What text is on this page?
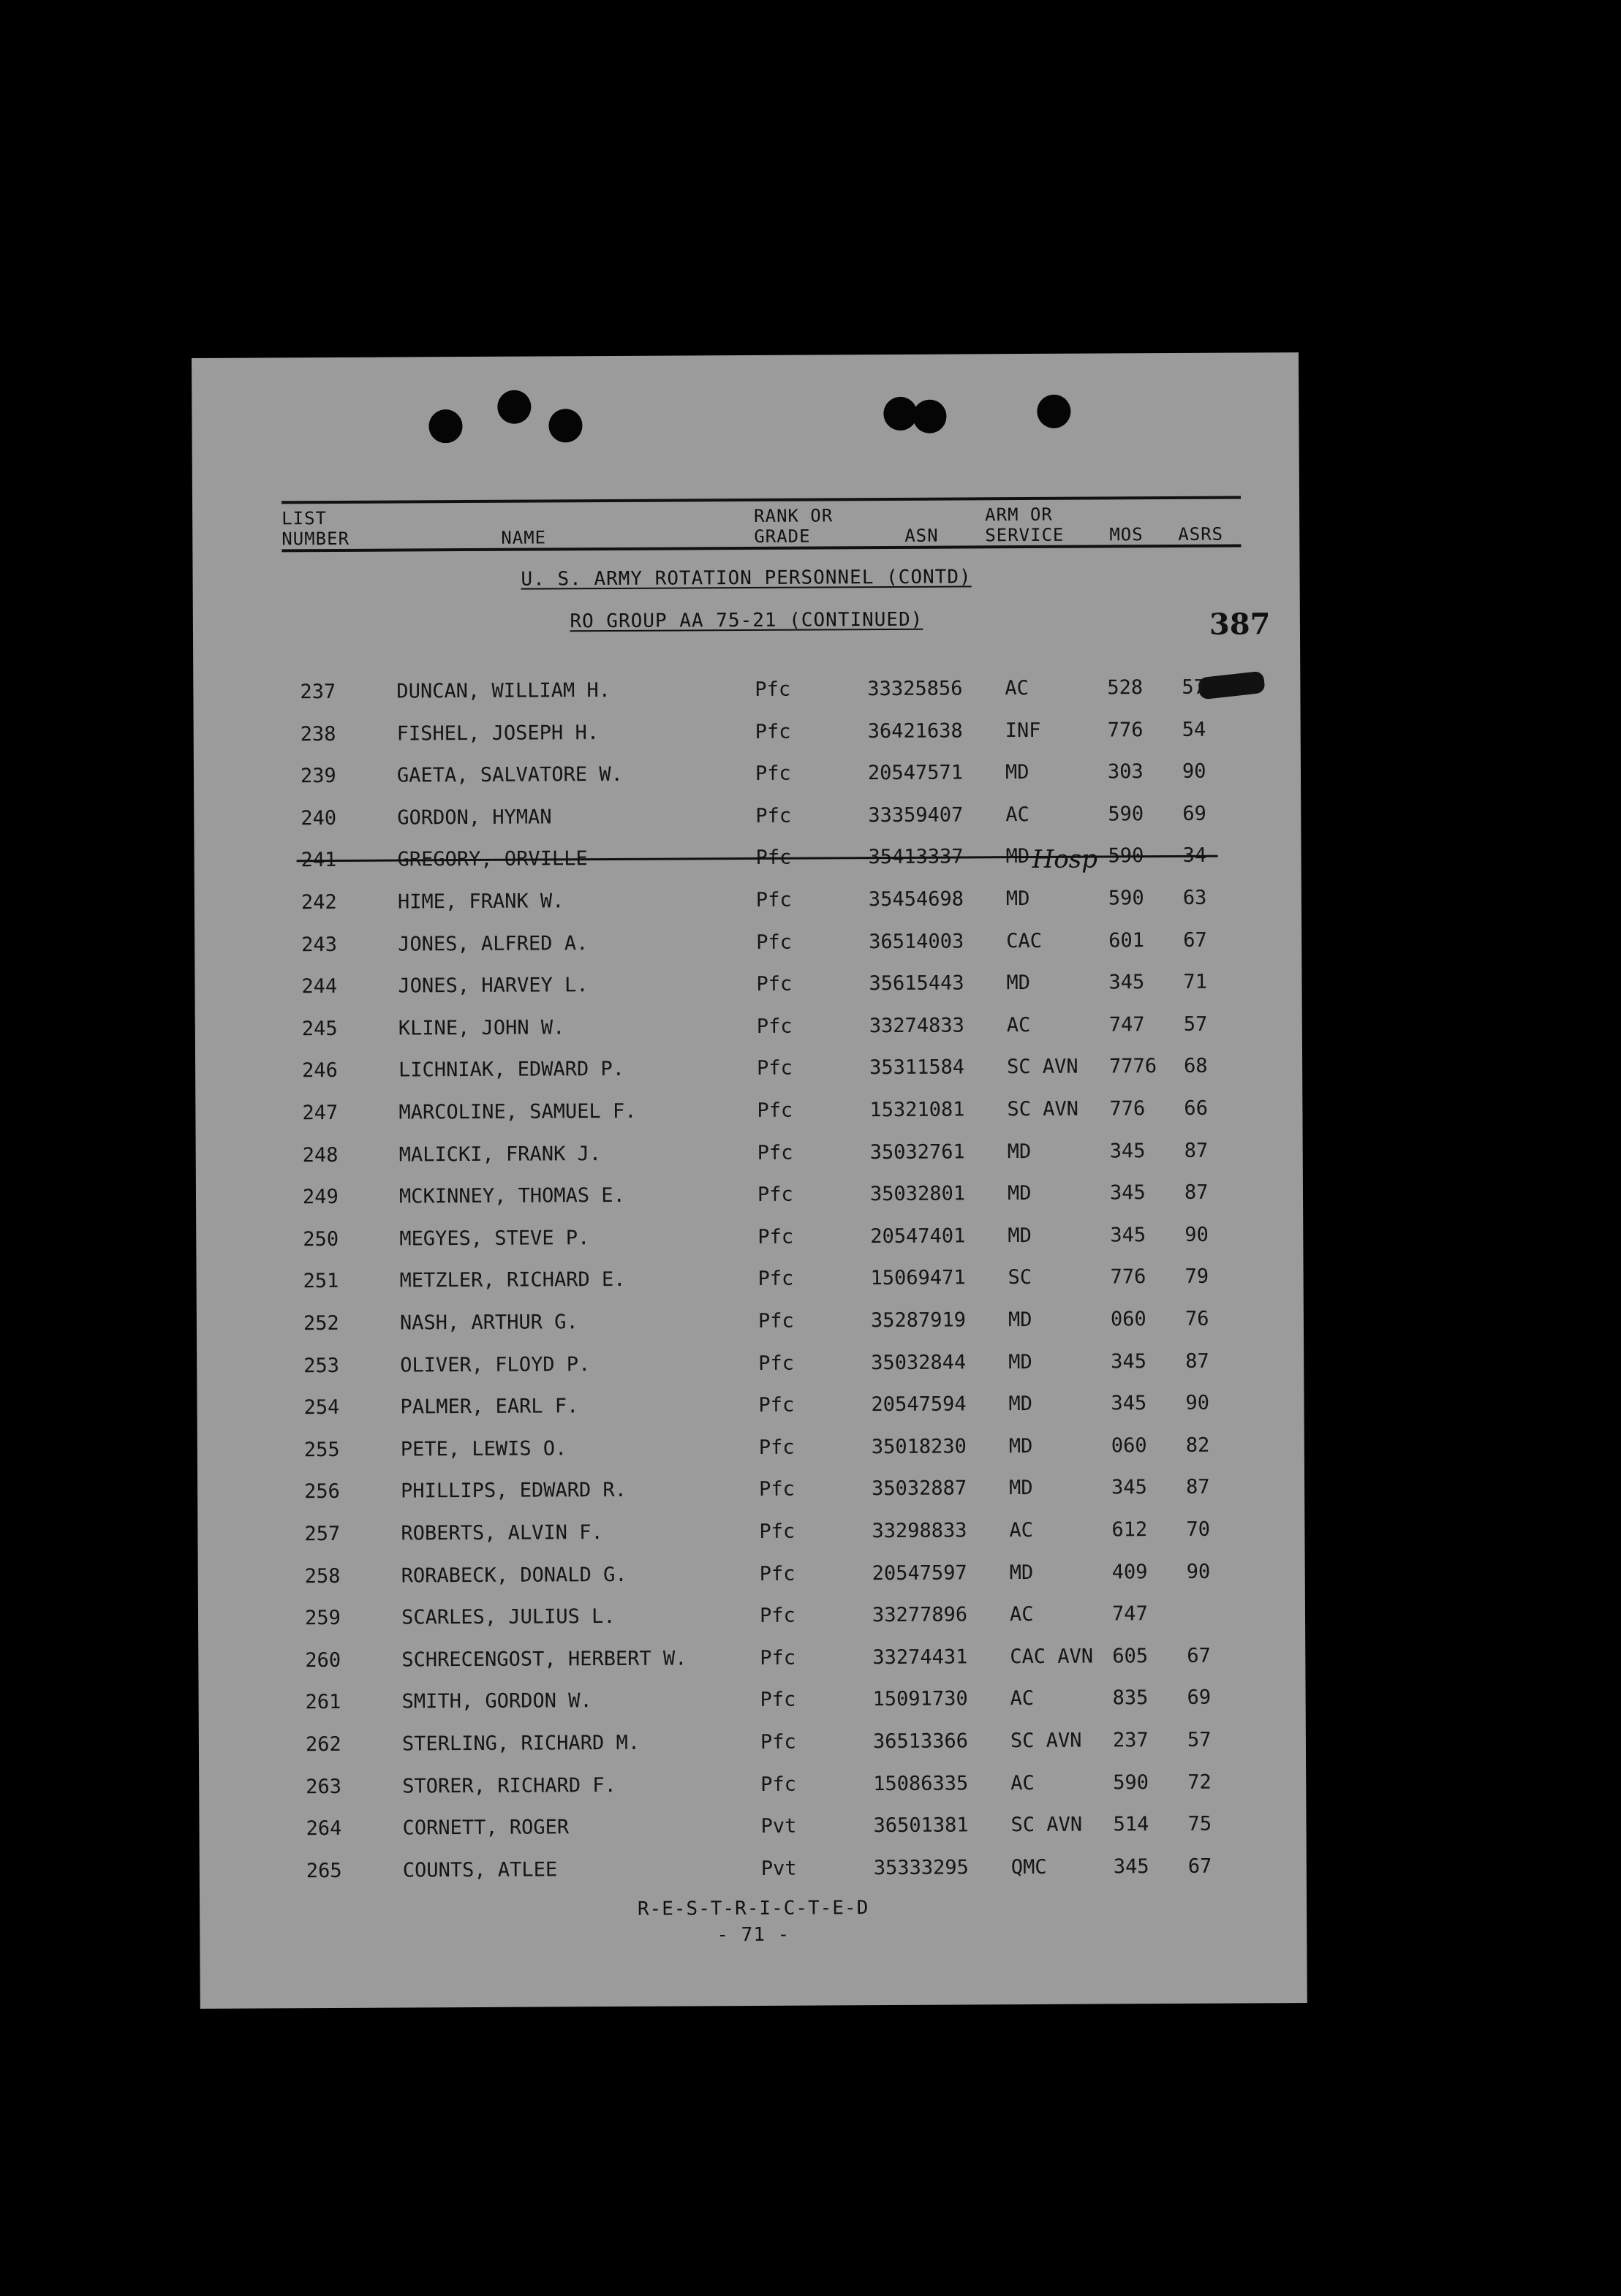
LIST
NUMBER	NAME
RANK OR
GRADE	ASN
ARM OR
SERVICE	MOS ASRS
U. S. ARMY ROTATION PERSONNEL (CONTD)
RO GROUP AA 75-21 (CONTINUED)	387
237	DUNCAN, WILLIAM H.	Pfc	33325856 AC	528 57
238	FISHEL, JOSEPH H.	Pfc	36421638 INF	776 54
239	GAETA, SALVATORE W.	Pfc	20547571 MD	303 90
240	GORDON, HYMAN	Pfc	33359407 AC	590 69
241	GREGORY, ORVILLE	Pfc	35413337 MD	590 34
Hosp
242	HIME, FRANK W.	Pfc	35454698 MD	590 63
243	JONES, ALFRED A.	Pfc	36514003 CAC	601 67
244	JONES, HARVEY L.	Pfc	35615443 MD	345 71
245	KLINE, JOHN W.	Pfc	33274833 AC	747 57
246	LICHNIAK, EDWARD P.	Pfc	35311584 SC AVN 7776 68
247	MARCOLINE, SAMUEL F.	Pfc	15321081 SC AVN 776 66
248	MALICKI, FRANK J.	Pfc	35032761 MD	345 87
249	MCKINNEY, THOMAS E.	Pfc	35032801 MD	345 87
250	MEGYES, STEVE P.	Pfc	20547401 MD	345 90
251	METZLER, RICHARD E.	Pfc	15069471 SC	776 79
252	NASH, ARTHUR G.	Pfc	35287919 MD	060 76
253	OLIVER, FLOYD P.	Pfc	35032844 MD	345 87
254	PALMER, EARL F.	Pfc	20547594 MD	345 90
255	PETE, LEWIS O.	Pfc	35018230 MD	060 82
256	PHILLIPS, EDWARD R.	Pfc	35032887 MD	345 87
257	ROBERTS, ALVIN F.	Pfc	33298833 AC	612 70
258	RORABECK, DONALD G.	Pfc	20547597 MD	409 90
259	SCARLES, JULIUS L.	Pfc	33277896 AC	747
260	SCHRECENGOST, HERBERT W.	Pfc	33274431 CAC AVN 605 67
261	SMITH, GORDON W.	Pfc	15091730 AC	835 69
262	STERLING, RICHARD M.	Pfc	36513366 SC AVN 237 57
263	STORER, RICHARD F.	Pfc	15086335 AC	590 72
264	CORNETT, ROGER	Pvt	36501381 SC AVN 514 75
265	COUNTS, ATLEE	Pvt	35333295 QMC	345 67
R-E-S-T-R-I-C-T-E-D
- 71 -
